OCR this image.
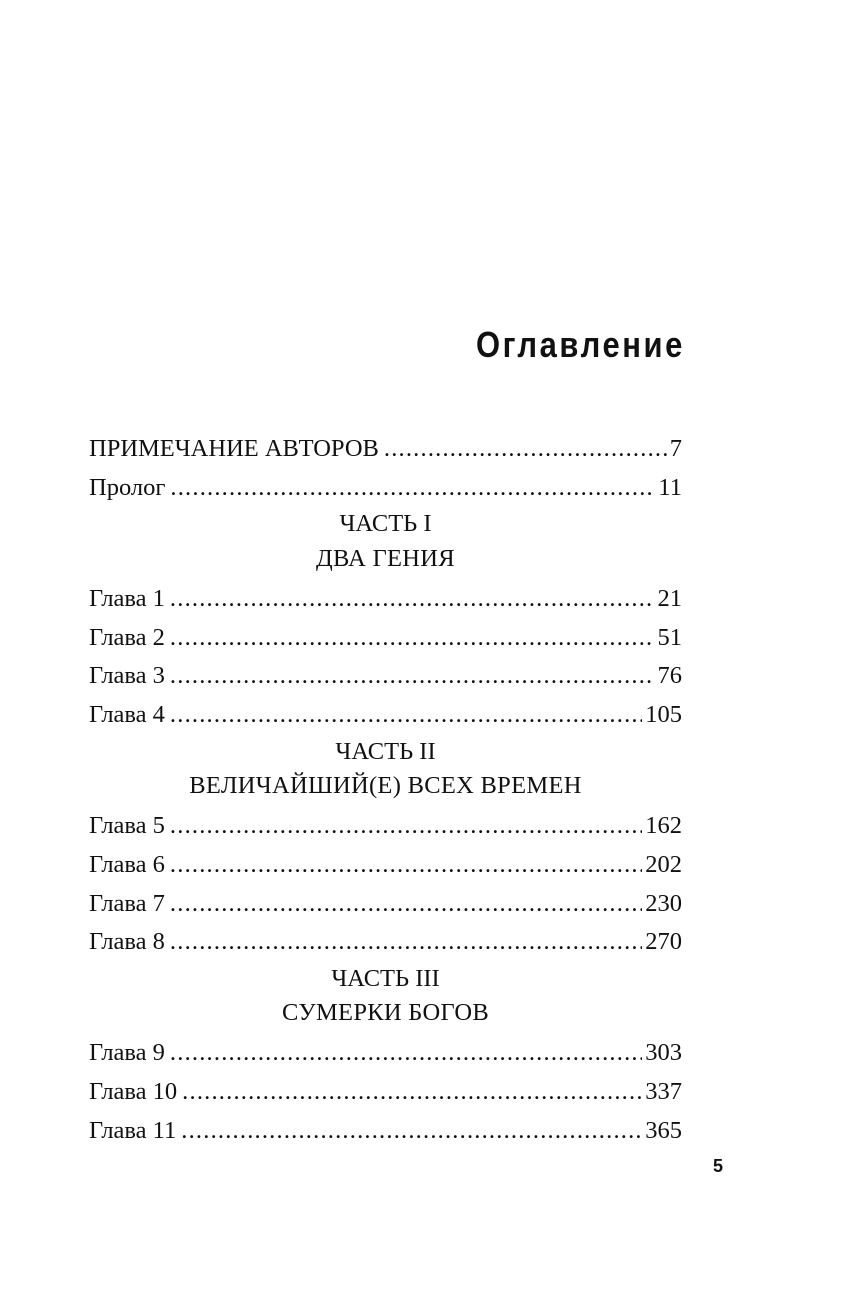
Оглавление
ПРИМЕЧАНИЕ АВТОРОВ .....	7
Пролог .....	11
ЧАСТЬ I
ДВА ГЕНИЯ
Глава 1 .....	21
Глава 2 .....	51
Глава 3 .....	76
Глава 4 .....	105
ЧАСТЬ II
ВЕЛИЧАЙШИЙ(Е) ВСЕХ ВРЕМЕН
Глава 5 .....	162
Глава 6 .....	202
Глава 7 .....	230
Глава 8 .....	270
ЧАСТЬ III
СУМЕРКИ БОГОВ
Глава 9 .....	303
Глава 10 .....	337
Глава 11 .....	365
5
